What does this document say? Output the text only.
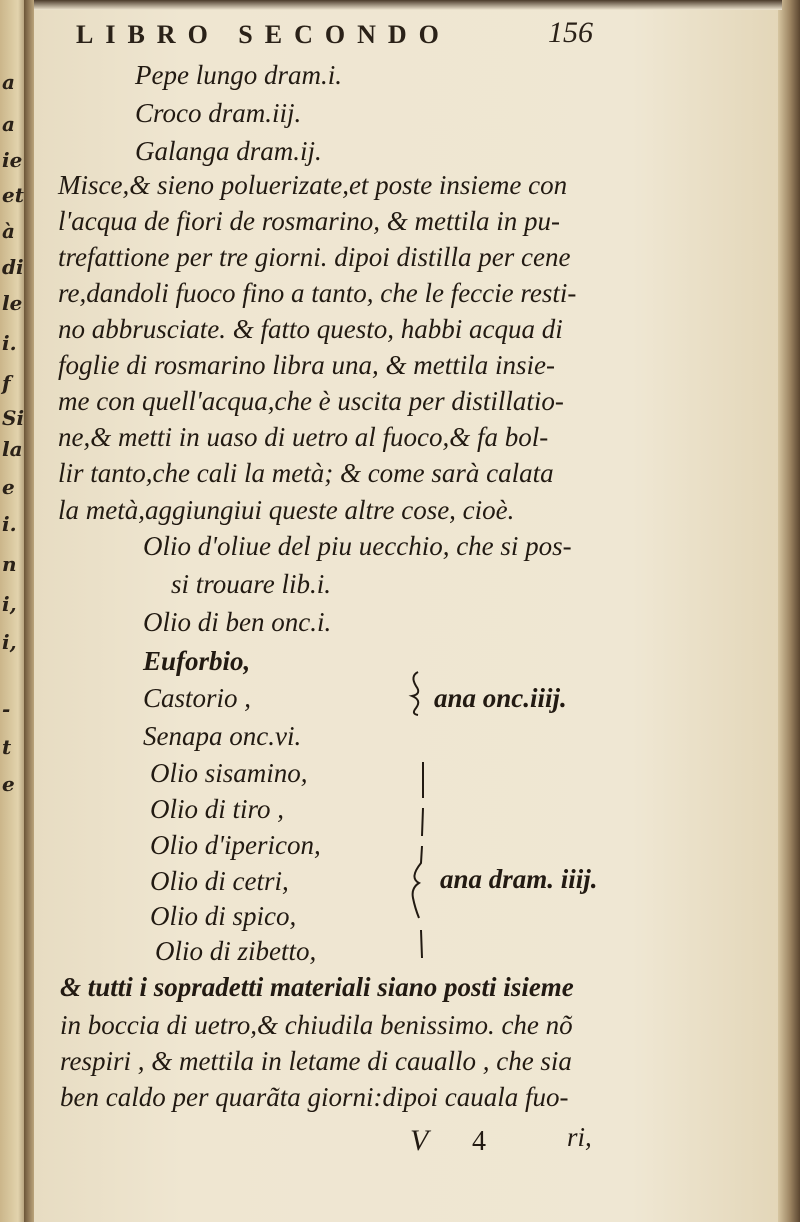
a
a
ie
et
à
di
le
i.
f
Si
la
e
i.
n
i,
i,
-
t
e
LIBRO SECONDO	156
Pepe lungo dram.i.
Croco dram.iij.
Galanga dram.ij.
Misce,& sieno poluerizate,et poste insieme con
l'acqua de fiori de rosmarino, & mettila in pu-
trefattione per tre giorni. dipoi distilla per cene
re,dandoli fuoco fino a tanto, che le feccie resti-
no abbrusciate. & fatto questo, habbi acqua di
foglie di rosmarino libra una, & mettila insie-
me con quell'acqua,che è uscita per distillatio-
ne,& metti in uaso di uetro al fuoco,& fa bol-
lir tanto,che cali la metà; & come sarà calata
la metà,aggiungiui queste altre cose, cioè.
Olio d'oliue del piu uecchio, che si pos-
si trouare lib.i.
Olio di ben onc.i.
Euforbio,
Castorio ,	ana onc.iiij.
Senapa onc.vi.
Olio sisamino,
Olio di tiro ,
Olio d'ipericon,
Olio di cetri,
Olio di spico,
Olio di zibetto,
ana dram. iiij.
& tutti i sopradetti materiali siano posti isieme
in boccia di uetro,& chiudila benissimo. che nõ
respiri , & mettila in letame di cauallo , che sia
ben caldo per quarãta giorni:dipoi cauala fuo-
V 4	ri,
